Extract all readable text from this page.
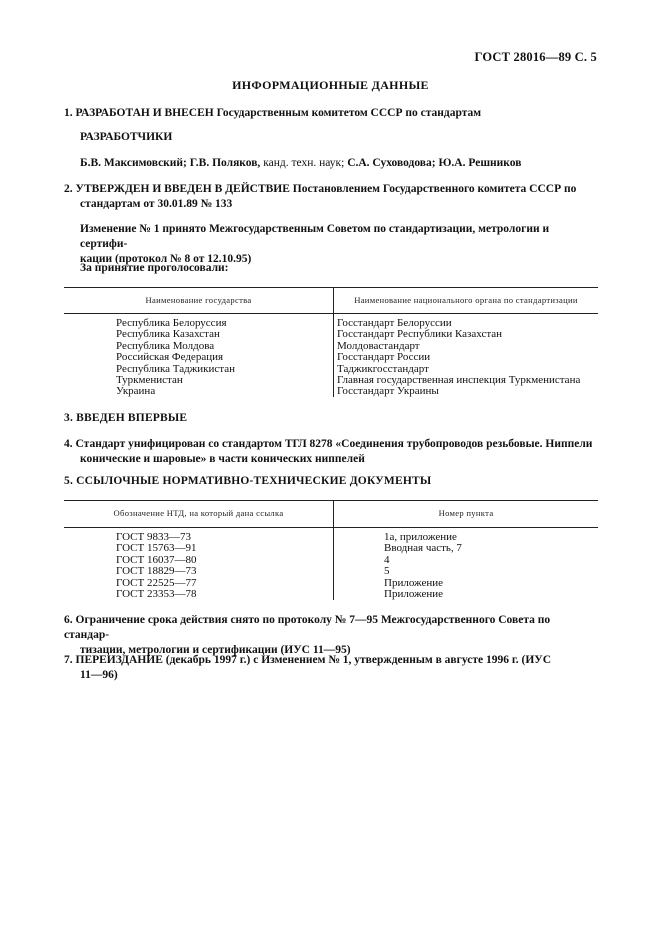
ГОСТ 28016—89 С. 5
ИНФОРМАЦИОННЫЕ ДАННЫЕ
1. РАЗРАБОТАН И ВНЕСЕН Государственным комитетом СССР по стандартам
РАЗРАБОТЧИКИ
Б.В. Максимовский; Г.В. Поляков, канд. техн. наук; С.А. Суховодова; Ю.А. Решников
2. УТВЕРЖДЕН И ВВЕДЕН В ДЕЙСТВИЕ Постановлением Государственного комитета СССР по
стандартам от 30.01.89 № 133
Изменение № 1 принято Межгосударственным Советом по стандартизации, метрологии и сертифи-
кации (протокол № 8 от 12.10.95)
За принятие проголосовали:
Наименование государства	Наименование национального органа по стандартизации
Республика Белоруссия
Республика Казахстан
Республика Молдова
Российская Федерация
Республика Таджикистан
Туркменистан
Украина
Госстандарт Белоруссии
Госстандарт Республики Казахстан
Молдовастандарт
Госстандарт России
Таджикгосстандарт
Главная государственная инспекция Туркменистана
Госстандарт Украины
3. ВВЕДЕН ВПЕРВЫЕ
4. Стандарт унифицирован со стандартом ТГЛ 8278 «Соединения трубопроводов резьбовые. Ниппели
конические и шаровые» в части конических ниппелей
5. ССЫЛОЧНЫЕ НОРМАТИВНО-ТЕХНИЧЕСКИЕ ДОКУМЕНТЫ
Обозначение НТД, на который дана ссылка	Номер пункта
ГОСТ 9833—73
ГОСТ 15763—91
ГОСТ 16037—80
ГОСТ 18829—73
ГОСТ 22525—77
ГОСТ 23353—78
1а, приложение
Вводная часть, 7
4
5
Приложение
Приложение
6. Ограничение срока действия снято по протоколу № 7—95 Межгосударственного Совета по стандар-
тизации, метрологии и сертификации (ИУС 11—95)
7. ПЕРЕИЗДАНИЕ (декабрь 1997 г.) с Изменением № 1, утвержденным в августе 1996 г. (ИУС
11—96)
